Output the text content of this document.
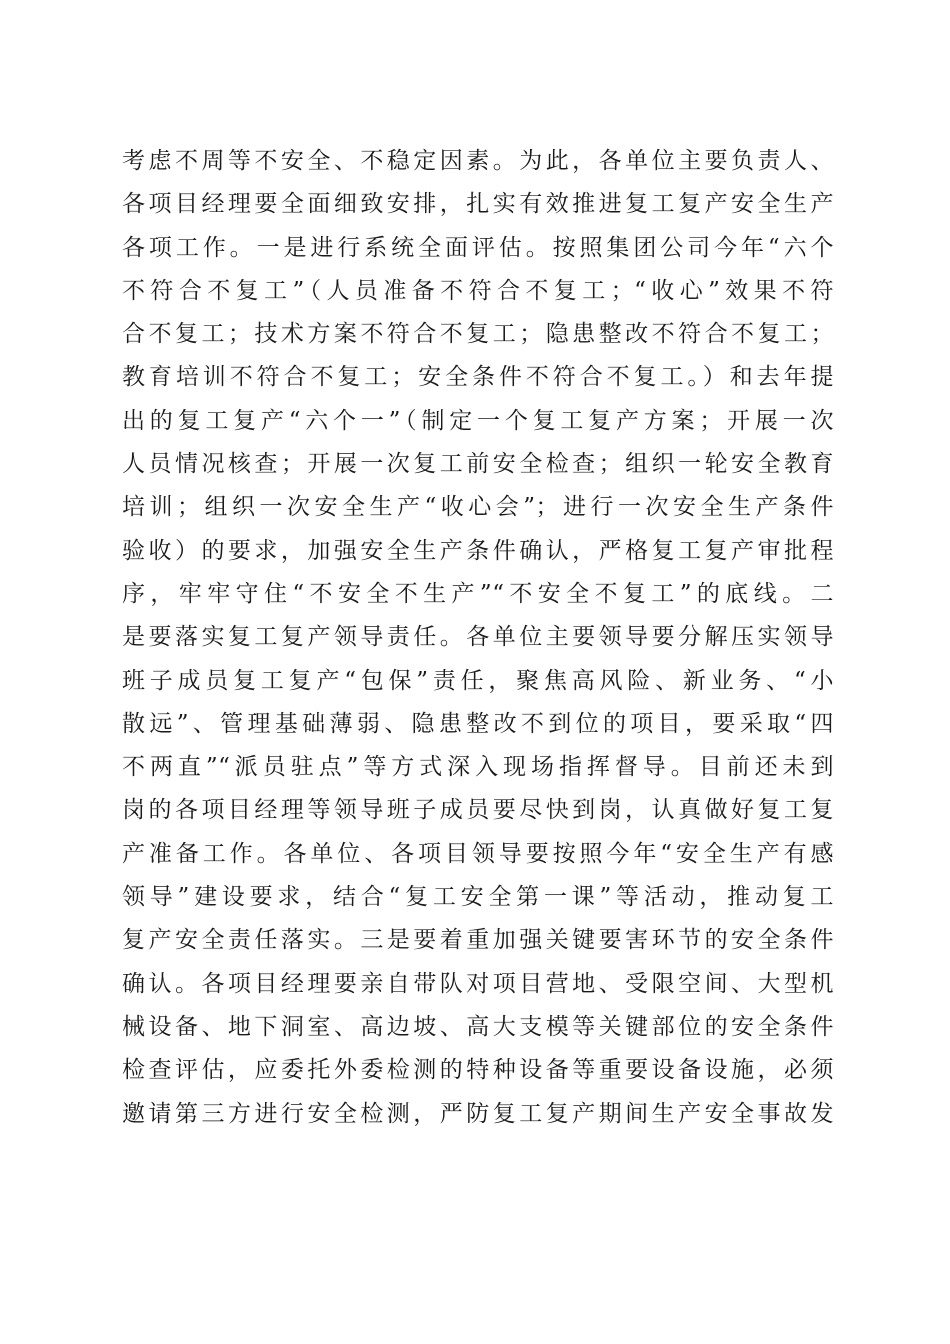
考虑不周等不安全、不稳定因素。为此，各单位主要负责人、
各项目经理要全面细致安排，扎实有效推进复工复产安全生产
各项工作。一是进行系统全面评估。按照集团公司今年“六个
不符合不复工”（人员准备不符合不复工；“收心”效果不符
合不复工；技术方案不符合不复工；隐患整改不符合不复工；
教育培训不符合不复工；安全条件不符合不复工。）和去年提
出的复工复产“六个一”（制定一个复工复产方案；开展一次
人员情况核查；开展一次复工前安全检查；组织一轮安全教育
培训；组织一次安全生产“收心会”；进行一次安全生产条件
验收）的要求，加强安全生产条件确认，严格复工复产审批程
序，牢牢守住“不安全不生产”“不安全不复工”的底线。二
是要落实复工复产领导责任。各单位主要领导要分解压实领导
班子成员复工复产“包保”责任，聚焦高风险、新业务、“小
散远”、管理基础薄弱、隐患整改不到位的项目，要采取“四
不两直”“派员驻点”等方式深入现场指挥督导。目前还未到
岗的各项目经理等领导班子成员要尽快到岗，认真做好复工复
产准备工作。各单位、各项目领导要按照今年“安全生产有感
领导”建设要求，结合“复工安全第一课”等活动，推动复工
复产安全责任落实。三是要着重加强关键要害环节的安全条件
确认。各项目经理要亲自带队对项目营地、受限空间、大型机
械设备、地下洞室、高边坡、高大支模等关键部位的安全条件
检查评估，应委托外委检测的特种设备等重要设备设施，必须
邀请第三方进行安全检测，严防复工复产期间生产安全事故发
